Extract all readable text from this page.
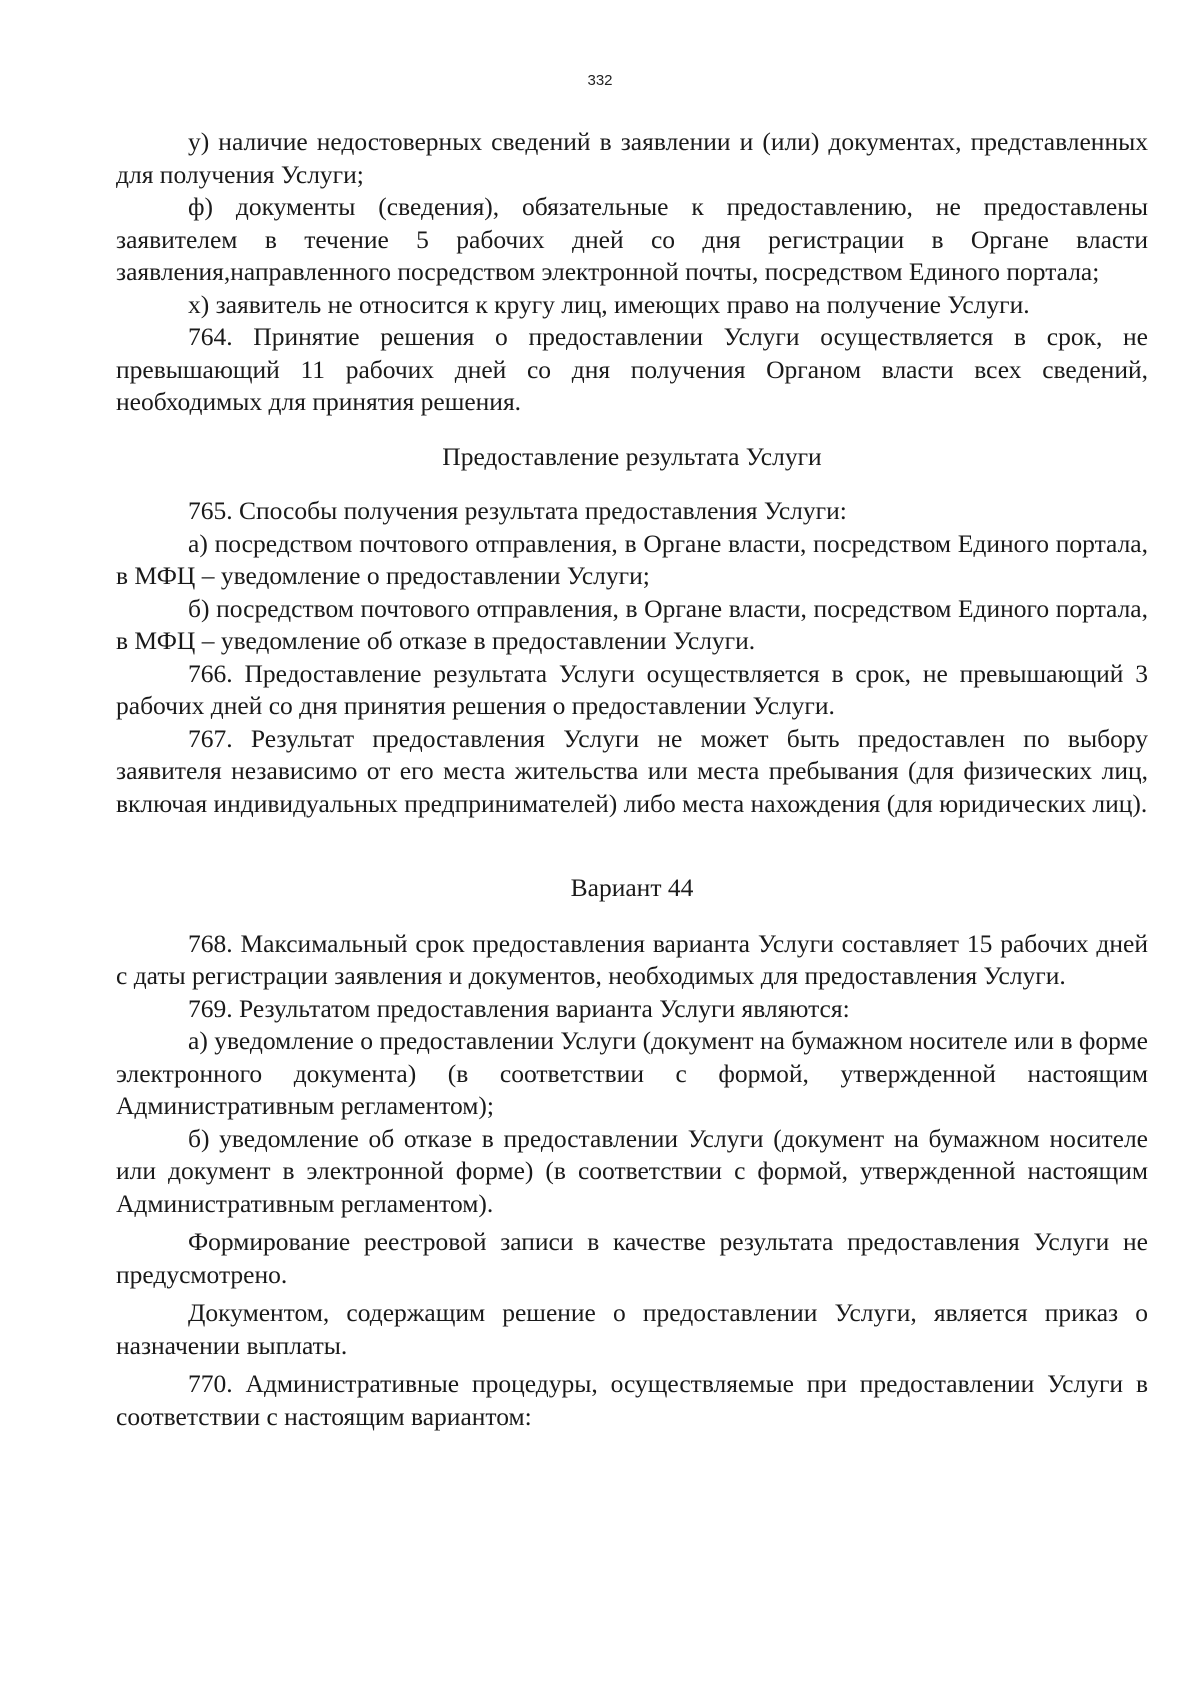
332

у) наличие недостоверных сведений в заявлении и (или) документах, представленных для получения Услуги;

ф) документы (сведения), обязательные к предоставлению, не предоставлены заявителем в течение 5 рабочих дней со дня регистрации в Органе власти заявления,направленного посредством электронной почты, посредством Единого портала;

х) заявитель не относится к кругу лиц, имеющих право на получение Услуги.

764. Принятие решения о предоставлении Услуги осуществляется в срок, не превышающий 11 рабочих дней со дня получения Органом власти всех сведений, необходимых для принятия решения.

Предоставление результата Услуги

765. Способы получения результата предоставления Услуги:

а) посредством почтового отправления, в Органе власти, посредством Единого портала, в МФЦ – уведомление о предоставлении Услуги;

б) посредством почтового отправления, в Органе власти, посредством Единого портала, в МФЦ – уведомление об отказе в предоставлении Услуги.

766. Предоставление результата Услуги осуществляется в срок, не превышающий 3 рабочих дней со дня принятия решения о предоставлении Услуги.

767. Результат предоставления Услуги не может быть предоставлен по выбору заявителя независимо от его места жительства или места пребывания (для физических лиц, включая индивидуальных предпринимателей) либо места нахождения (для юридических лиц).

Вариант 44

768. Максимальный срок предоставления варианта Услуги составляет 15 рабочих дней с даты регистрации заявления и документов, необходимых для предоставления Услуги.

769. Результатом предоставления варианта Услуги являются:

а) уведомление о предоставлении Услуги (документ на бумажном носителе или в форме электронного документа) (в соответствии с формой, утвержденной настоящим Административным регламентом);

б) уведомление об отказе в предоставлении Услуги (документ на бумажном носителе или документ в электронной форме) (в соответствии с формой, утвержденной настоящим Административным регламентом).

Формирование реестровой записи в качестве результата предоставления Услуги не предусмотрено.

Документом, содержащим решение о предоставлении Услуги, является приказ о назначении выплаты.

770. Административные процедуры, осуществляемые при предоставлении Услуги в соответствии с настоящим вариантом:
